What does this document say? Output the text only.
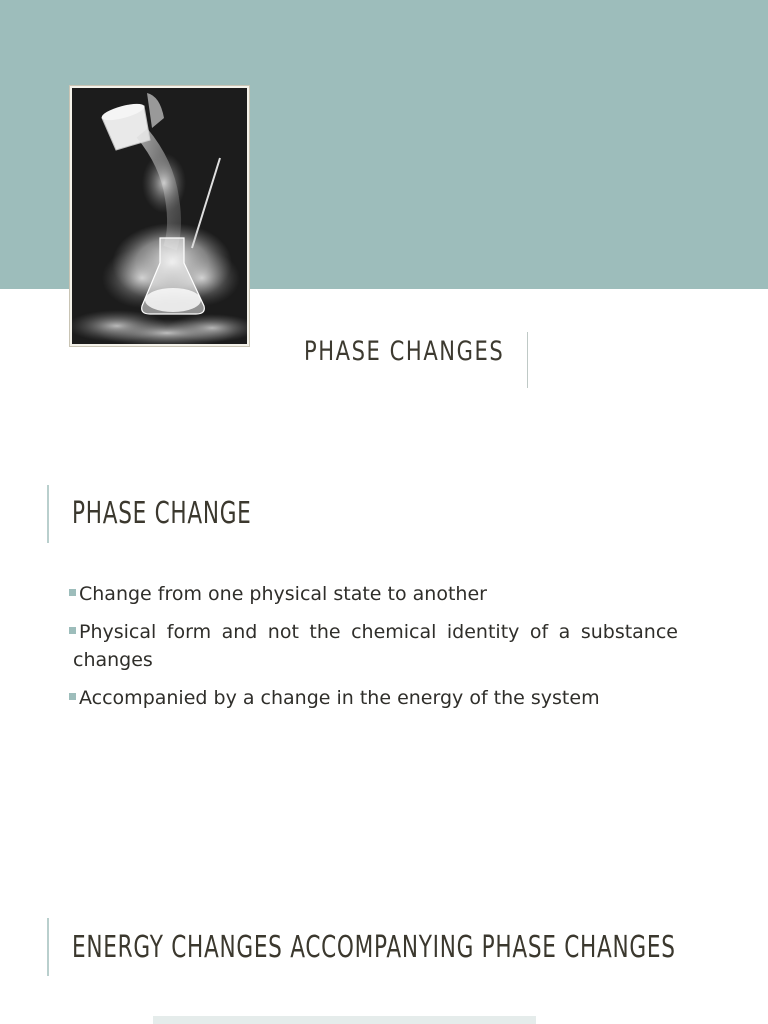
PHASE CHANGES
PHASE CHANGE
Change from one physical state to another
Physical form and not the chemical identity of a substance changes
Accompanied by a change in the energy of the system
ENERGY CHANGES ACCOMPANYING PHASE CHANGES
